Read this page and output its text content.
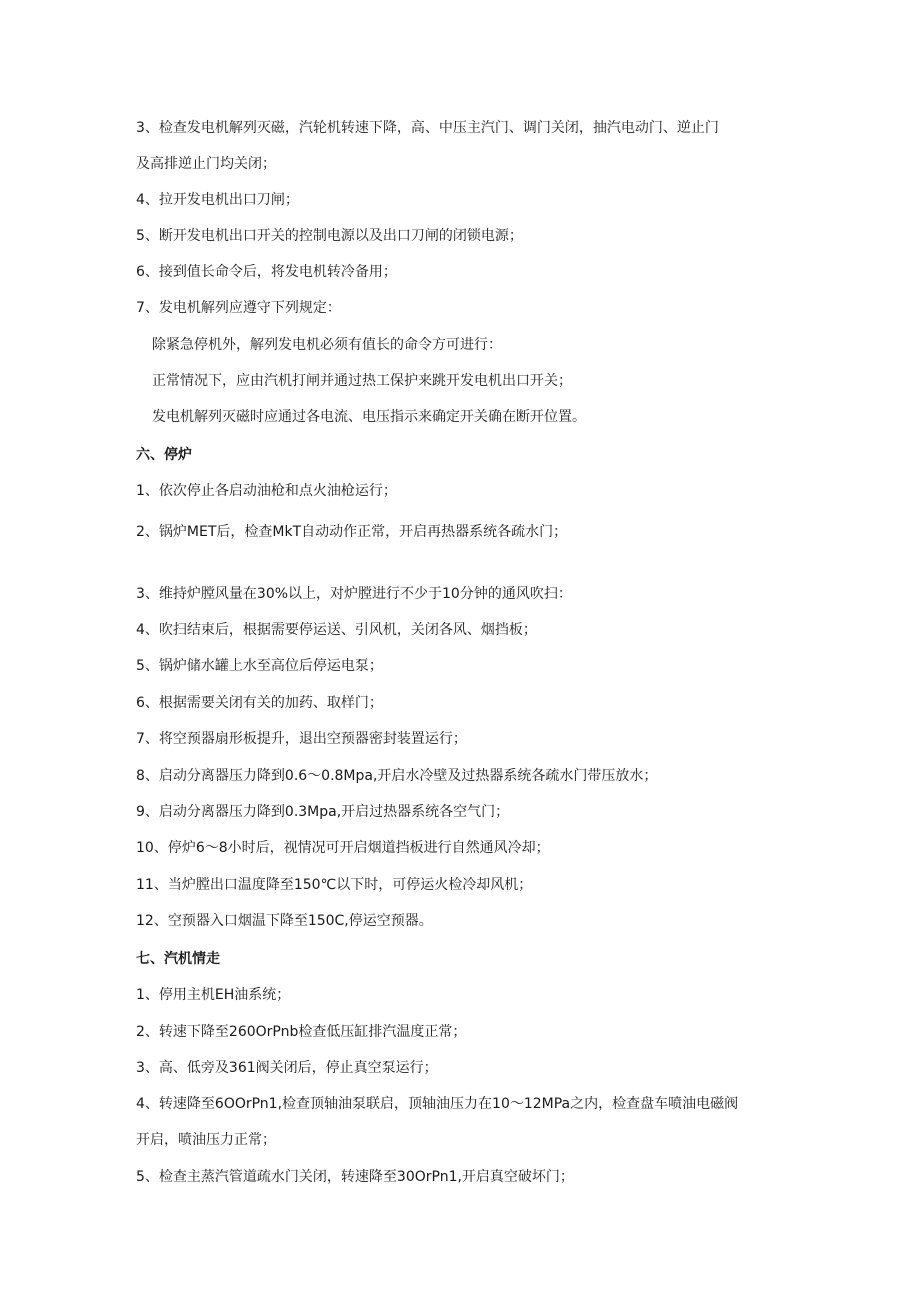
3、检查发电机解列灭磁，汽轮机转速下降，高、中压主汽门、调门关闭，抽汽电动门、逆止门
及高排逆止门均关闭；
4、拉开发电机出口刀闸；
5、断开发电机出口开关的控制电源以及出口刀闸的闭锁电源；
6、接到值长命令后，将发电机转冷备用；
7、发电机解列应遵守下列规定：
除紧急停机外，解列发电机必须有值长的命令方可进行：
正常情况下，应由汽机打闸并通过热工保护来跳开发电机出口开关；
发电机解列灭磁时应通过各电流、电压指示来确定开关确在断开位置。
六、停炉
1、依次停止各启动油枪和点火油枪运行；
2、锅炉MET后，检查MkT自动动作正常，开启再热器系统各疏水门；
3、维持炉膛风量在30%以上，对炉膛进行不少于10分钟的通风吹扫：
4、吹扫结束后，根据需要停运送、引风机，关闭各风、烟挡板；
5、锅炉储水罐上水至高位后停运电泵；
6、根据需要关闭有关的加药、取样门；
7、将空预器扇形板提升，退出空预器密封装置运行；
8、启动分离器压力降到0.6～0.8Mpa,开启水冷壁及过热器系统各疏水门带压放水；
9、启动分离器压力降到0.3Mpa,开启过热器系统各空气门；
10、停炉6～8小时后，视情况可开启烟道挡板进行自然通风冷却；
11、当炉膛出口温度降至150℃以下时，可停运火检冷却风机；
12、空预器入口烟温下降至150C,停运空预器。
七、汽机情走
1、停用主机EH油系统；
2、转速下降至260OrPnb检查低压缸排汽温度正常；
3、高、低旁及361阀关闭后，停止真空泵运行；
4、转速降至6OOrPn1,检查顶轴油泵联启，顶轴油压力在10～12MPa之内，检查盘车喷油电磁阀
开启，喷油压力正常；
5、检查主蒸汽管道疏水门关闭，转速降至30OrPn1,开启真空破坏门；
